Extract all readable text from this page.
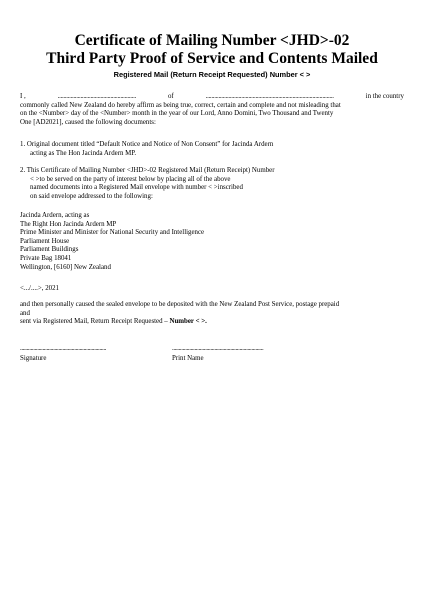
Certificate of Mailing Number <JHD>-02
Third Party Proof of Service and Contents Mailed
Registered Mail (Return Receipt Requested) Number < >
I ,	.......................................................	of	..........................................................................................	in the country
commonly called New Zealand do hereby affirm as being true, correct, certain and complete and not misleading that
on the <Number> day of the <Number> month in the year of our Lord, Anno Domini, Two Thousand and Twenty
One [AD2021], caused the following documents:
1. Original document titled “Default Notice and Notice of Non Consent” for Jacinda Ardern
acting as The Hon Jacinda Ardern MP.
2. This Certificate of Mailing Number <JHD>-02 Registered Mail (Return Receipt) Number
< >to be served on the party of interest below by placing all of the above
named documents into a Registered Mail envelope with number < >inscribed
on said envelope addressed to the following:
Jacinda Ardern, acting as
The Right Hon Jacinda Ardern MP
Prime Minister and Minister for National Security and Intelligence
Parliament House
Parliament Buildings
Private Bag 18041
Wellington, [6160] New Zealand
<.../....>, 2021
and then personally caused the sealed envelope to be deposited with the New Zealand Post Service, postage prepaid
and
sent via Registered Mail, Return Receipt Requested – Number < >.
.................................................................	.....................................................................
Signature	Print Name
